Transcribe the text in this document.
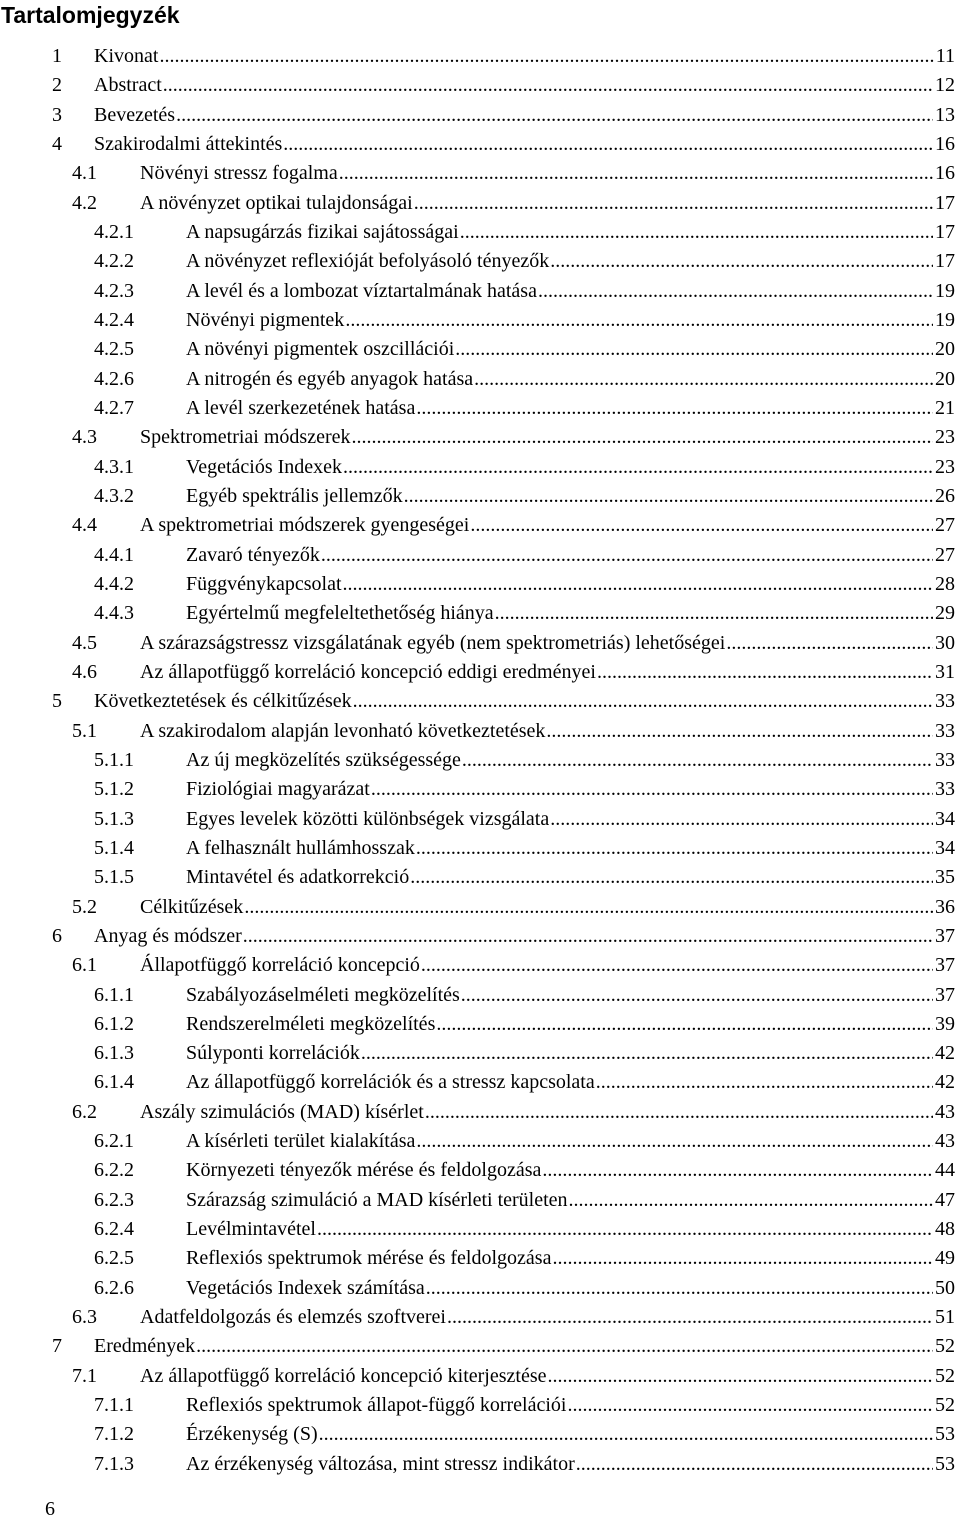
Tartalomjegyzék
1 Kivonat .....	11
2 Abstract .....	12
3 Bevezetés .....	13
4 Szakirodalmi áttekintés .....	16
4.1 Növényi stressz fogalma .....	16
4.2 A növényzet optikai tulajdonságai .....	17
4.2.1	A napsugárzás fizikai sajátosságai .....	17
4.2.2	A növényzet reflexióját befolyásoló tényezők .....	17
4.2.3	A levél és a lombozat víztartalmának hatása .....	19
4.2.4	Növényi pigmentek .....	19
4.2.5	A növényi pigmentek oszcillációi .....	20
4.2.6	A nitrogén és egyéb anyagok hatása .....	20
4.2.7	A levél szerkezetének hatása .....	21
4.3 Spektrometriai módszerek .....	23
4.3.1	Vegetációs Indexek .....	23
4.3.2	Egyéb spektrális jellemzők .....	26
4.4 A spektrometriai módszerek gyengeségei .....	27
4.4.1	Zavaró tényezők .....	27
4.4.2	Függvénykapcsolat .....	28
4.4.3	Egyértelmű megfeleltethetőség hiánya .....	29
4.5 A szárazságstressz vizsgálatának egyéb (nem spektrometriás) lehetőségei .....	30
4.6 Az állapotfüggő korreláció koncepció eddigi eredményei .....	31
5 Következtetések és célkitűzések .....	33
5.1 A szakirodalom alapján levonható következtetések .....	33
5.1.1	Az új megközelítés szükségessége .....	33
5.1.2	Fiziológiai magyarázat .....	33
5.1.3	Egyes levelek közötti különbségek vizsgálata .....	34
5.1.4	A felhasznált hullámhosszak .....	34
5.1.5	Mintavétel és adatkorrekció .....	35
5.2 Célkitűzések .....	36
6 Anyag és módszer .....	37
6.1 Állapotfüggő korreláció koncepció .....	37
6.1.1	Szabályozáselméleti megközelítés .....	37
6.1.2	Rendszerelméleti megközelítés .....	39
6.1.3	Súlyponti korrelációk .....	42
6.1.4	Az állapotfüggő korrelációk és a stressz kapcsolata .....	42
6.2 Aszály szimulációs (MAD) kísérlet .....	43
6.2.1	A kísérleti terület kialakítása .....	43
6.2.2	Környezeti tényezők mérése és feldolgozása .....	44
6.2.3	Szárazság szimuláció a MAD kísérleti területen .....	47
6.2.4	Levélmintavétel .....	48
6.2.5	Reflexiós spektrumok mérése és feldolgozása .....	49
6.2.6	Vegetációs Indexek számítása .....	50
6.3 Adatfeldolgozás és elemzés szoftverei .....	51
7 Eredmények .....	52
7.1 Az állapotfüggő korreláció koncepció kiterjesztése .....	52
7.1.1	Reflexiós spektrumok állapot-függő korrelációi .....	52
7.1.2	Érzékenység (S) .....	53
7.1.3	Az érzékenység változása, mint stressz indikátor .....	53
6
